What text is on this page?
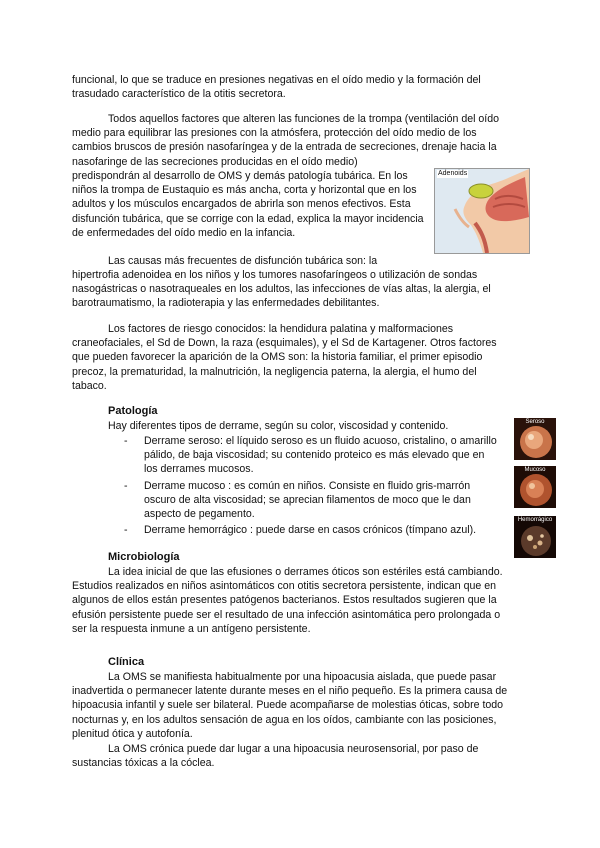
funcional, lo que se traduce en presiones negativas en el oído medio y la formación del trasudado característico de la otitis secretora.

Todos aquellos factores que alteren las funciones de la trompa (ventilación del oído medio para equilibrar las presiones con la atmósfera, protección del oído medio de los cambios bruscos de presión nasofaríngea y de la entrada de secreciones, drenaje hacia la nasofaringe de las secreciones producidas en el oído medio)

predispondrán al desarrollo de OMS y demás patología tubárica. En los niños la trompa de Eustaquio es más ancha, corta y horizontal que en los adultos y los músculos encargados de abrirla son menos efectivos. Esta disfunción tubárica, que se corrige con la edad, explica la mayor incidencia de enfermedades del oído medio en la infancia.

Adenoids

Las causas más frecuentes de disfunción tubárica son: la

hipertrofia adenoidea en los niños y los tumores nasofaríngeos o utilización de sondas nasogástricas o nasotraqueales en los adultos, las infecciones de vías altas, la alergia, el barotraumatismo, la radioterapia y las enfermedades debilitantes.

Los factores de riesgo conocidos: la hendidura palatina y malformaciones craneofaciales, el Sd de Down, la raza (esquimales), y el Sd de Kartagener. Otros factores que pueden favorecer la aparición de la OMS son: la historia familiar, el primer episodio precoz, la prematuridad, la malnutrición, la negligencia paterna, la alergia, el humo del tabaco.

Patología

Hay diferentes tipos de derrame, según su color, viscosidad y contenido.

- Derrame seroso: el líquido seroso es un fluido acuoso, cristalino, o amarillo pálido, de baja viscosidad; su contenido proteico es más elevado que en los derrames mucosos.
- Derrame mucoso : es común en niños. Consiste en fluido gris-marrón oscuro de alta viscosidad; se aprecian filamentos de moco que le dan aspecto de pegamento.
- Derrame hemorrágico : puede darse en casos crónicos (tímpano azul).
Seroso
Mucoso
Hemorrágico
Microbiología

La idea inicial de que las efusiones o derrames óticos son estériles está cambiando. Estudios realizados en niños asintomáticos con otitis secretora persistente, indican que en algunos de ellos están presentes patógenos bacterianos. Estos resultados sugieren que la efusión persistente puede ser el resultado de una infección asintomática pero prolongada o ser la respuesta inmune a un antígeno persistente.

Clínica

La OMS se manifiesta habitualmente por una hipoacusia aislada, que puede pasar inadvertida o permanecer latente durante meses en el niño pequeño. Es la primera causa de hipoacusia infantil y suele ser bilateral. Puede acompañarse de molestias óticas, sobre todo nocturnas y, en los adultos sensación de agua en los oídos, cambiante con las posiciones, plenitud ótica y autofonía.

La OMS crónica puede dar lugar a una hipoacusia neurosensorial, por paso de sustancias tóxicas a la cóclea.
